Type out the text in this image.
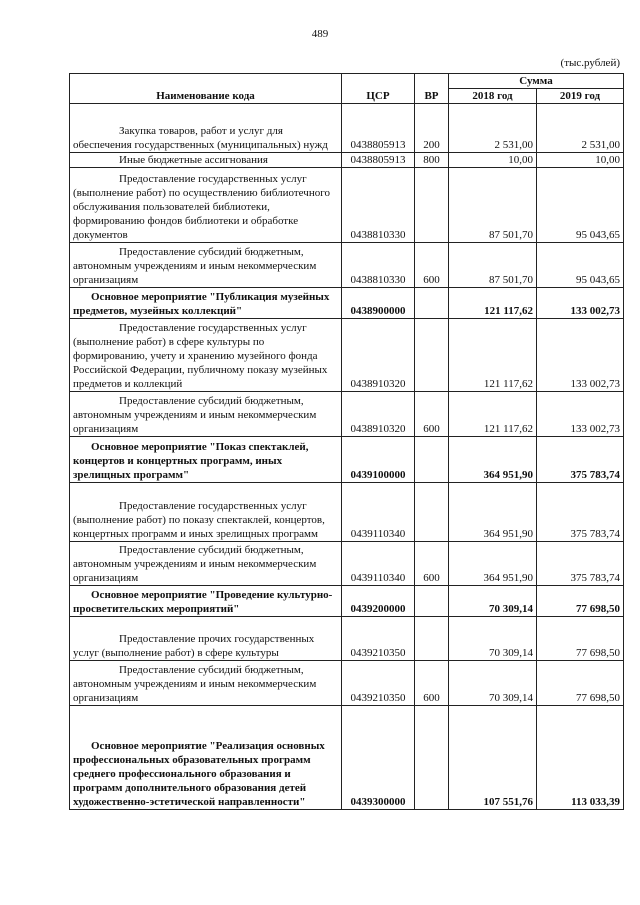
489
(тыс.рублей)
Наименование кода	ЦСР	ВР	Сумма	
			2018 год	2019 год

Закупка товаров, работ и услуг для обеспечения государственных (муниципальных) нужд	0438805913	200	2 531,00	2 531,00

Иные бюджетные ассигнования	0438805913	800	10,00	10,00

Предоставление государственных услуг (выполнение работ) по осуществлению библиотечного обслуживания пользователей библиотеки, формированию фондов библиотеки и обработке документов	0438810330		87 501,70	95 043,65

Предоставление субсидий бюджетным, автономным учреждениям и иным некоммерческим организациям	0438810330	600	87 501,70	95 043,65

Основное мероприятие "Публикация музейных предметов, музейных коллекций"	0438900000		121 117,62	133 002,73

Предоставление государственных услуг (выполнение работ) в сфере культуры по формированию, учету и хранению музейного фонда Российской Федерации, публичному показу музейных предметов и коллекций	0438910320		121 117,62	133 002,73

Предоставление субсидий бюджетным, автономным учреждениям и иным некоммерческим организациям	0438910320	600	121 117,62	133 002,73

Основное мероприятие "Показ спектаклей, концертов и концертных программ, иных зрелищных программ"	0439100000		364 951,90	375 783,74

Предоставление государственных услуг (выполнение работ) по показу спектаклей, концертов, концертных программ и иных зрелищных программ	0439110340		364 951,90	375 783,74

Предоставление субсидий бюджетным, автономным учреждениям и иным некоммерческим организациям	0439110340	600	364 951,90	375 783,74

Основное мероприятие "Проведение культурно-просветительских мероприятий"	0439200000		70 309,14	77 698,50

Предоставление прочих государственных услуг (выполнение работ) в сфере культуры	0439210350		70 309,14	77 698,50

Предоставление субсидий бюджетным, автономным учреждениям и иным некоммерческим организациям	0439210350	600	70 309,14	77 698,50

Основное мероприятие "Реализация основных профессиональных образовательных программ среднего профессионального образования и программ дополнительного образования детей художественно-эстетической направленности"	0439300000		107 551,76	113 033,39
